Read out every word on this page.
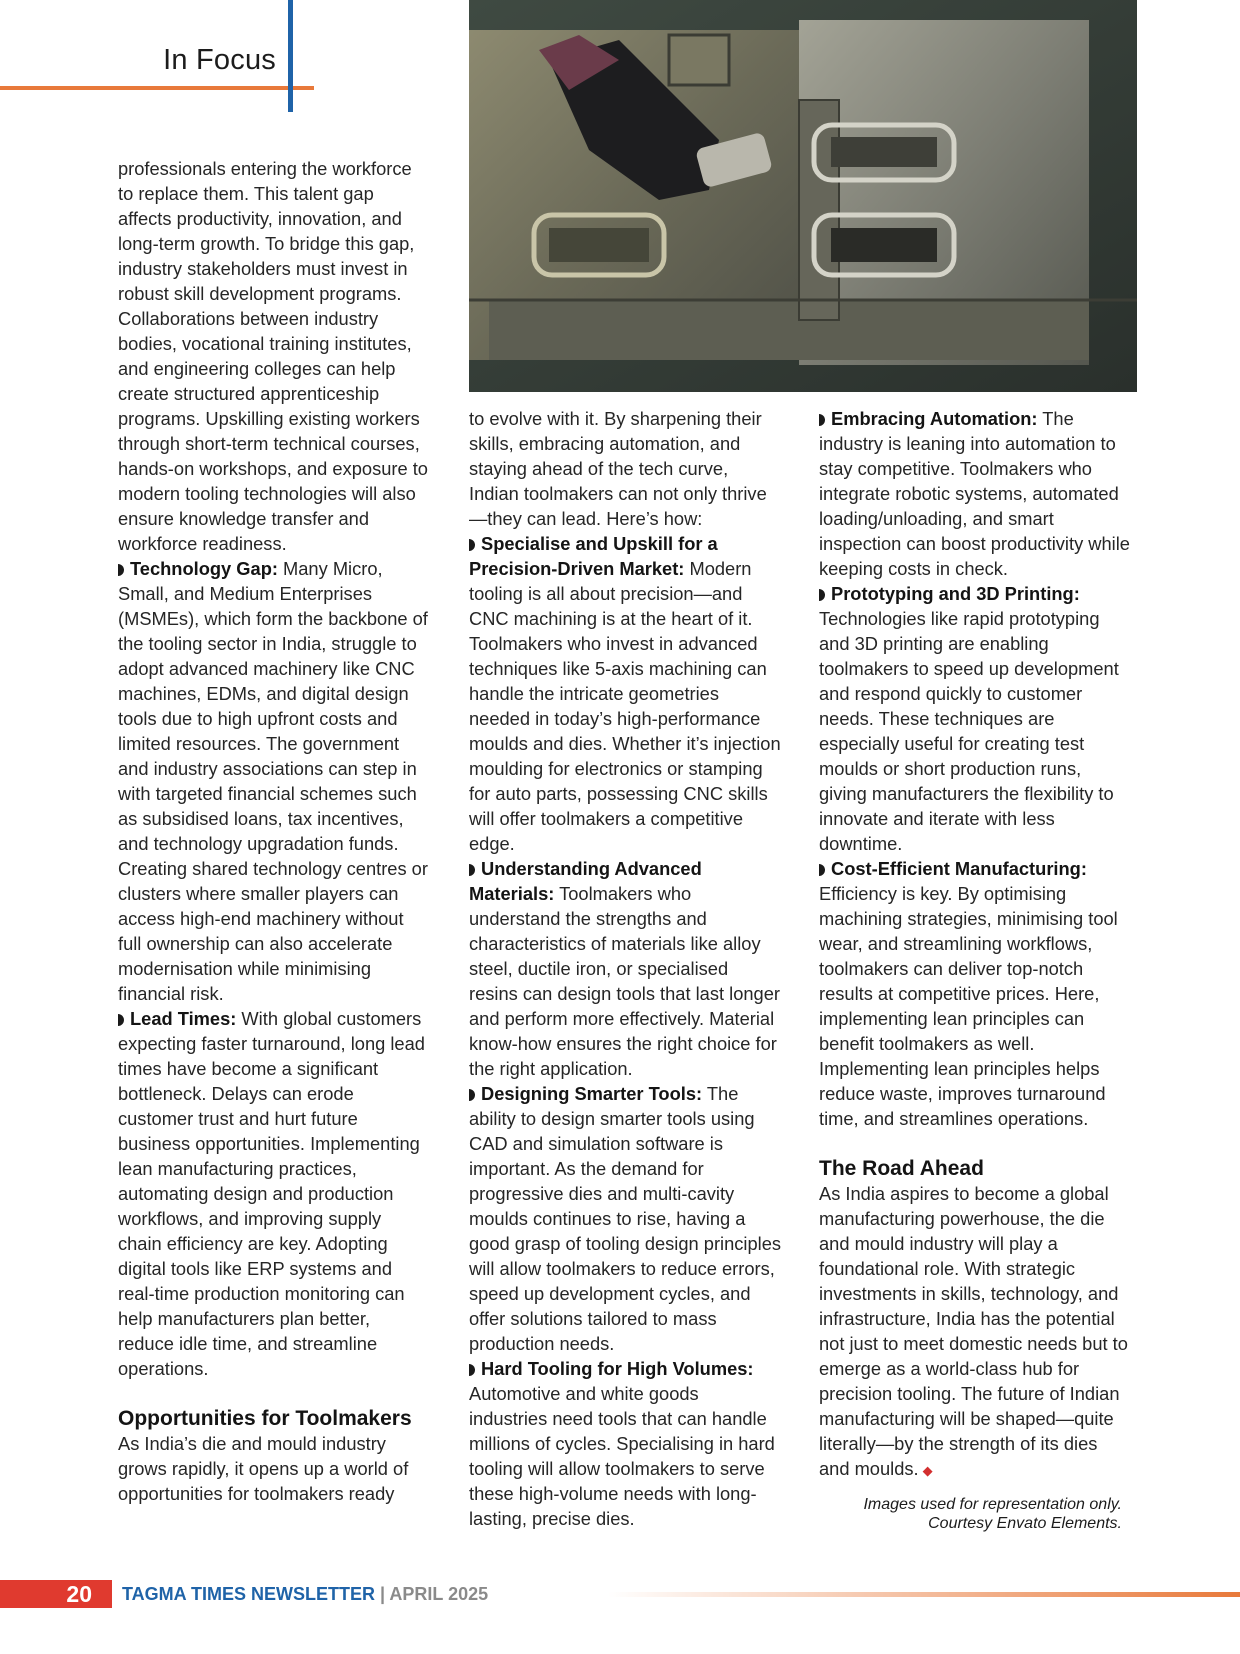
In Focus

professionals entering the workforce to replace them. This talent gap affects productivity, innovation, and long-term growth. To bridge this gap, industry stakeholders must invest in robust skill development programs. Collaborations between industry bodies, vocational training institutes, and engineering colleges can help create structured apprenticeship programs. Upskilling existing workers through short-term technical courses, hands-on workshops, and exposure to modern tooling technologies will also ensure knowledge transfer and workforce readiness.

Technology Gap: Many Micro, Small, and Medium Enterprises (MSMEs), which form the backbone of the tooling sector in India, struggle to adopt advanced machinery like CNC machines, EDMs, and digital design tools due to high upfront costs and limited resources. The government and industry associations can step in with targeted financial schemes such as subsidised loans, tax incentives, and technology upgradation funds. Creating shared technology centres or clusters where smaller players can access high-end machinery without full ownership can also accelerate modernisation while minimising financial risk.

Lead Times: With global customers expecting faster turnaround, long lead times have become a significant bottleneck. Delays can erode customer trust and hurt future business opportunities. Implementing lean manufacturing practices, automating design and production workflows, and improving supply chain efficiency are key. Adopting digital tools like ERP systems and real-time production monitoring can help manufacturers plan better, reduce idle time, and streamline operations.

Opportunities for Toolmakers

As India’s die and mould industry grows rapidly, it opens up a world of opportunities for toolmakers ready

to evolve with it. By sharpening their skills, embracing automation, and staying ahead of the tech curve, Indian toolmakers can not only thrive—they can lead. Here’s how:

Specialise and Upskill for a Precision-Driven Market: Modern tooling is all about precision—and CNC machining is at the heart of it. Toolmakers who invest in advanced techniques like 5-axis machining can handle the intricate geometries needed in today’s high-performance moulds and dies. Whether it’s injection moulding for electronics or stamping for auto parts, possessing CNC skills will offer toolmakers a competitive edge.

Understanding Advanced Materials: Toolmakers who understand the strengths and characteristics of materials like alloy steel, ductile iron, or specialised resins can design tools that last longer and perform more effectively. Material know-how ensures the right choice for the right application.

Designing Smarter Tools: The ability to design smarter tools using CAD and simulation software is important. As the demand for progressive dies and multi-cavity moulds continues to rise, having a good grasp of tooling design principles will allow toolmakers to reduce errors, speed up development cycles, and offer solutions tailored to mass production needs.

Hard Tooling for High Volumes: Automotive and white goods industries need tools that can handle millions of cycles. Specialising in hard tooling will allow toolmakers to serve these high-volume needs with long-lasting, precise dies.

Embracing Automation: The industry is leaning into automation to stay competitive. Toolmakers who integrate robotic systems, automated loading/unloading, and smart inspection can boost productivity while keeping costs in check.

Prototyping and 3D Printing: Technologies like rapid prototyping and 3D printing are enabling toolmakers to speed up development and respond quickly to customer needs. These techniques are especially useful for creating test moulds or short production runs, giving manufacturers the flexibility to innovate and iterate with less downtime.

Cost-Efficient Manufacturing: Efficiency is key. By optimising machining strategies, minimising tool wear, and streamlining workflows, toolmakers can deliver top-notch results at competitive prices. Here, implementing lean principles can benefit toolmakers as well. Implementing lean principles helps reduce waste, improves turnaround time, and streamlines operations.

The Road Ahead

As India aspires to become a global manufacturing powerhouse, the die and mould industry will play a foundational role. With strategic investments in skills, technology, and infrastructure, India has the potential not just to meet domestic needs but to emerge as a world-class hub for precision tooling. The future of Indian manufacturing will be shaped—quite literally—by the strength of its dies and moulds. ◆

Images used for representation only.
Courtesy Envato Elements.
20 TAGMA TIMES NEWSLETTER | APRIL 2025
